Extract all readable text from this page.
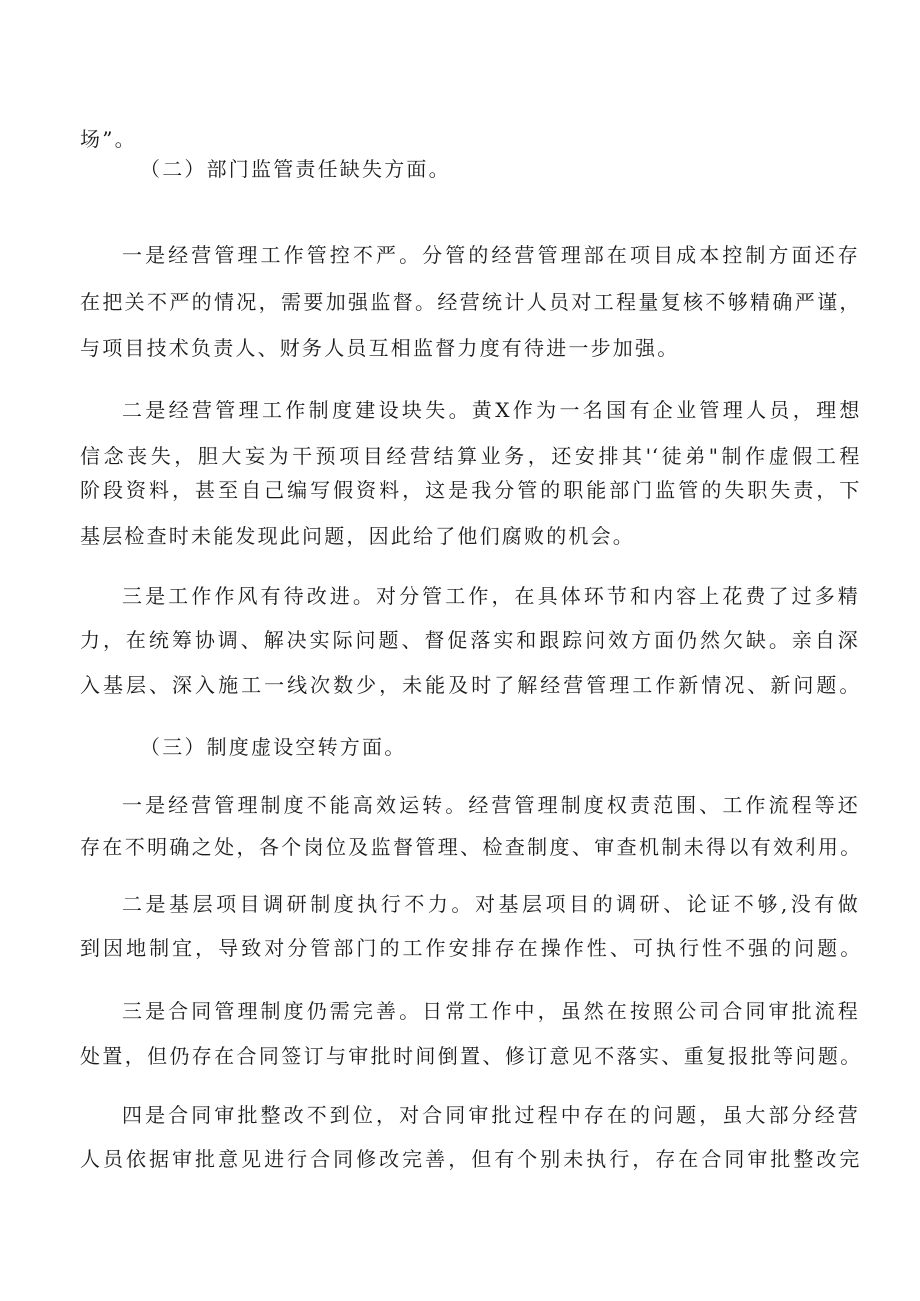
场”。
（二）部门监管责任缺失方面。
一是经营管理工作管控不严。分管的经营管理部在项目成本控制方面还存
在把关不严的情况，需要加强监督。经营统计人员对工程量复核不够精确严谨，
与项目技术负责人、财务人员互相监督力度有待进一步加强。
二是经营管理工作制度建设块失。黄X作为一名国有企业管理人员，理想
信念丧失，胆大妄为干预项目经营结算业务，还安排其'‘徒弟"制作虚假工程
阶段资料，甚至自己编写假资料，这是我分管的职能部门监管的失职失责，下
基层检查时未能发现此问题，因此给了他们腐败的机会。
三是工作作风有待改进。对分管工作，在具体环节和内容上花费了过多精
力，在统筹协调、解决实际问题、督促落实和跟踪问效方面仍然欠缺。亲自深
入基层、深入施工一线次数少，未能及时了解经营管理工作新情况、新问题。
（三）制度虚设空转方面。
一是经营管理制度不能高效运转。经营管理制度权责范围、工作流程等还
存在不明确之处，各个岗位及监督管理、检查制度、审查机制未得以有效利用。
二是基层项目调研制度执行不力。对基层项目的调研、论证不够,没有做
到因地制宜，导致对分管部门的工作安排存在操作性、可执行性不强的问题。
三是合同管理制度仍需完善。日常工作中，虽然在按照公司合同审批流程
处置，但仍存在合同签订与审批时间倒置、修订意见不落实、重复报批等问题。
四是合同审批整改不到位，对合同审批过程中存在的问题，虽大部分经营
人员依据审批意见进行合同修改完善，但有个别未执行，存在合同审批整改完
